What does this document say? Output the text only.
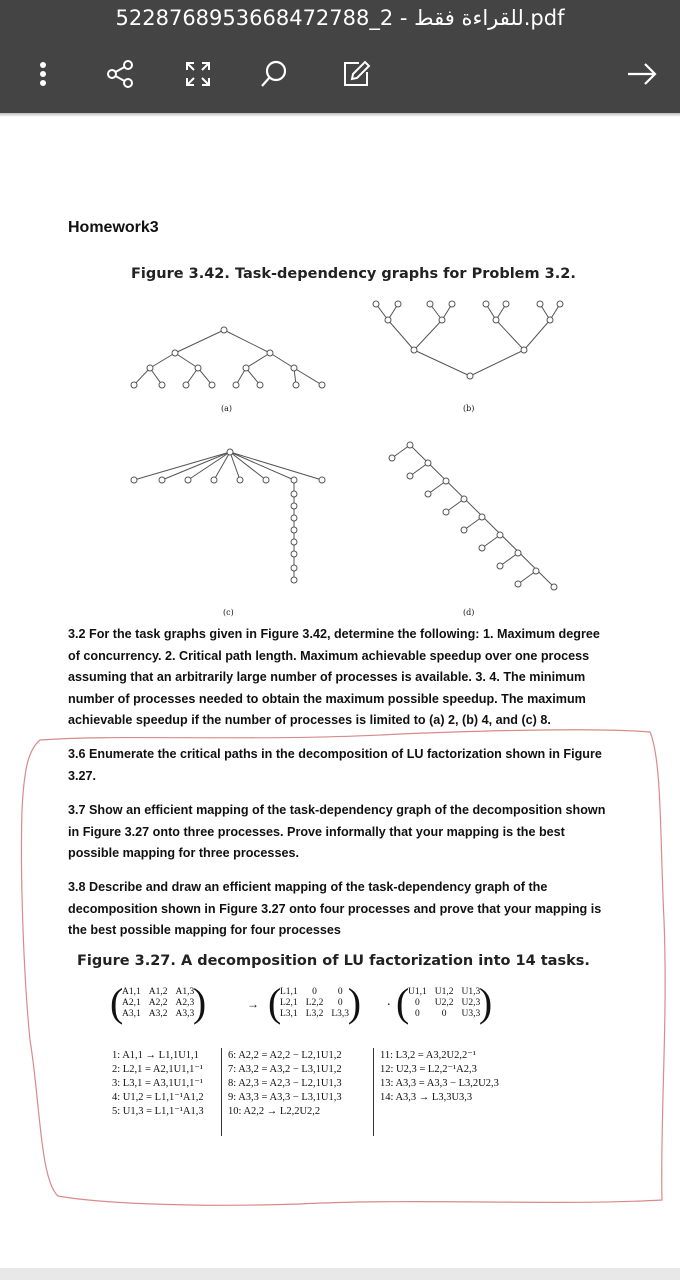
للقراءة فقط - 2_5228768953668472788.pdf
Homework3
Figure 3.42. Task-dependency graphs for Problem 3.2.
(a)	(b)
(c)	(d)
3.2 For the task graphs given in Figure 3.42, determine the following: 1. Maximum degree
of concurrency. 2. Critical path length. Maximum achievable speedup over one process
assuming that an arbitrarily large number of processes is available. 3. 4. The minimum
number of processes needed to obtain the maximum possible speedup. The maximum
achievable speedup if the number of processes is limited to (a) 2, (b) 4, and (c) 8.
3.6 Enumerate the critical paths in the decomposition of LU factorization shown in Figure
3.27.
3.7 Show an efficient mapping of the task-dependency graph of the decomposition shown
in Figure 3.27 onto three processes. Prove informally that your mapping is the best
possible mapping for three processes.
3.8 Describe and draw an efficient mapping of the task-dependency graph of the
decomposition shown in Figure 3.27 onto four processes and prove that your mapping is
the best possible mapping for four processes
Figure 3.27. A decomposition of LU factorization into 14 tasks.
(
A1,1	A1,2	A1,3
A2,1	A2,2	A2,3
A3,1	A3,2	A3,3
)	→ (
L1,1	0	0
L2,1	L2,2	0
L3,1	L3,2	L3,3
) . (
U1,1	U1,2	U1,3
0	U2,2	U2,3
0	0	U3,3
)
1: A1,1 → L1,1U1,1
2: L2,1 = A2,1U1,1⁻¹
3: L3,1 = A3,1U1,1⁻¹
4: U1,2 = L1,1⁻¹A1,2
5: U1,3 = L1,1⁻¹A1,3
6: A2,2 = A2,2 − L2,1U1,2
7: A3,2 = A3,2 − L3,1U1,2
8: A2,3 = A2,3 − L2,1U1,3
9: A3,3 = A3,3 − L3,1U1,3
10: A2,2 → L2,2U2,2
11: L3,2 = A3,2U2,2⁻¹
12: U2,3 = L2,2⁻¹A2,3
13: A3,3 = A3,3 − L3,2U2,3
14: A3,3 → L3,3U3,3
